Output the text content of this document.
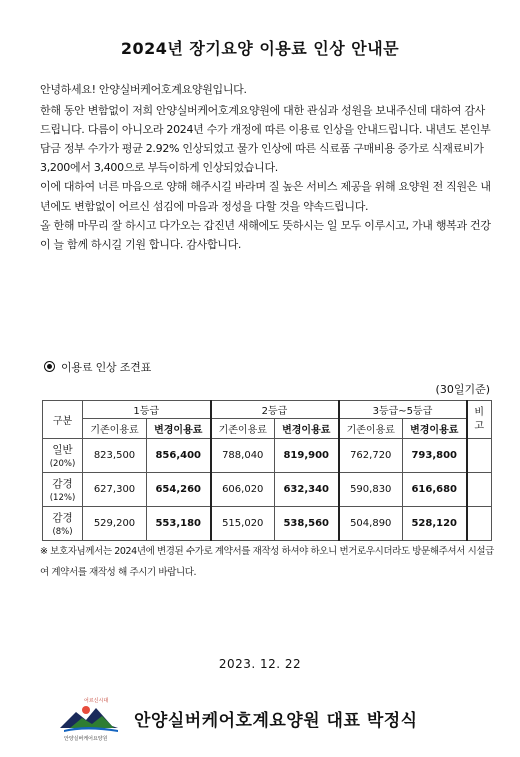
2024년 장기요양 이용료 인상 안내문

안녕하세요! 안양실버케어호계요양원입니다.

한해 동안 변함없이 저희 안양실버케어호계요양원에 대한 관심과 성원을 보내주신데 대하여 감사드립니다. 다름이 아니오라 2024년 수가 개정에 따른 이용료 인상을 안내드립니다. 내년도 본인부담금 정부 수가가 평균 2.92% 인상되었고 물가 인상에 따른 식료품 구매비용 증가로 식재료비가 3,200에서 3,400으로 부득이하게 인상되었습니다.

이에 대하여 너른 마음으로 양해 해주시길 바라며 질 높은 서비스 제공을 위해 요양원 전 직원은 내년에도 변함없이 어르신 섬김에 마음과 정성을 다할 것을 약속드립니다.

올 한해 마무리 잘 하시고 다가오는 갑진년 새해에도 뜻하시는 일 모두 이루시고, 가내 행복과 건강이 늘 함께 하시길 기원 합니다. 감사합니다.

이용료 인상 조견표
(30일기준)
구분	1등급		2등급		3등급~5등급		비고
	기존이용료	변경이용료	기존이용료	변경이용료	기존이용료	변경이용료	

일반
(20%)	823,500	856,400	788,040	819,900	762,720	793,800	

감경
(12%)	627,300	654,260	606,020	632,340	590,830	616,680	

감경
(8%)	529,200	553,180	515,020	538,560	504,890	528,120	
※ 보호자님께서는 2024년에 변경된 수가로 계약서를 재작성 하셔야 하오니 번거로우시더라도 방문해주셔서 시설급여 계약서를 재작성 해 주시기 바랍니다.
2023. 12. 22
어르신시대
안양실버케어요양원
안양실버케어호계요양원 대표 박정식
